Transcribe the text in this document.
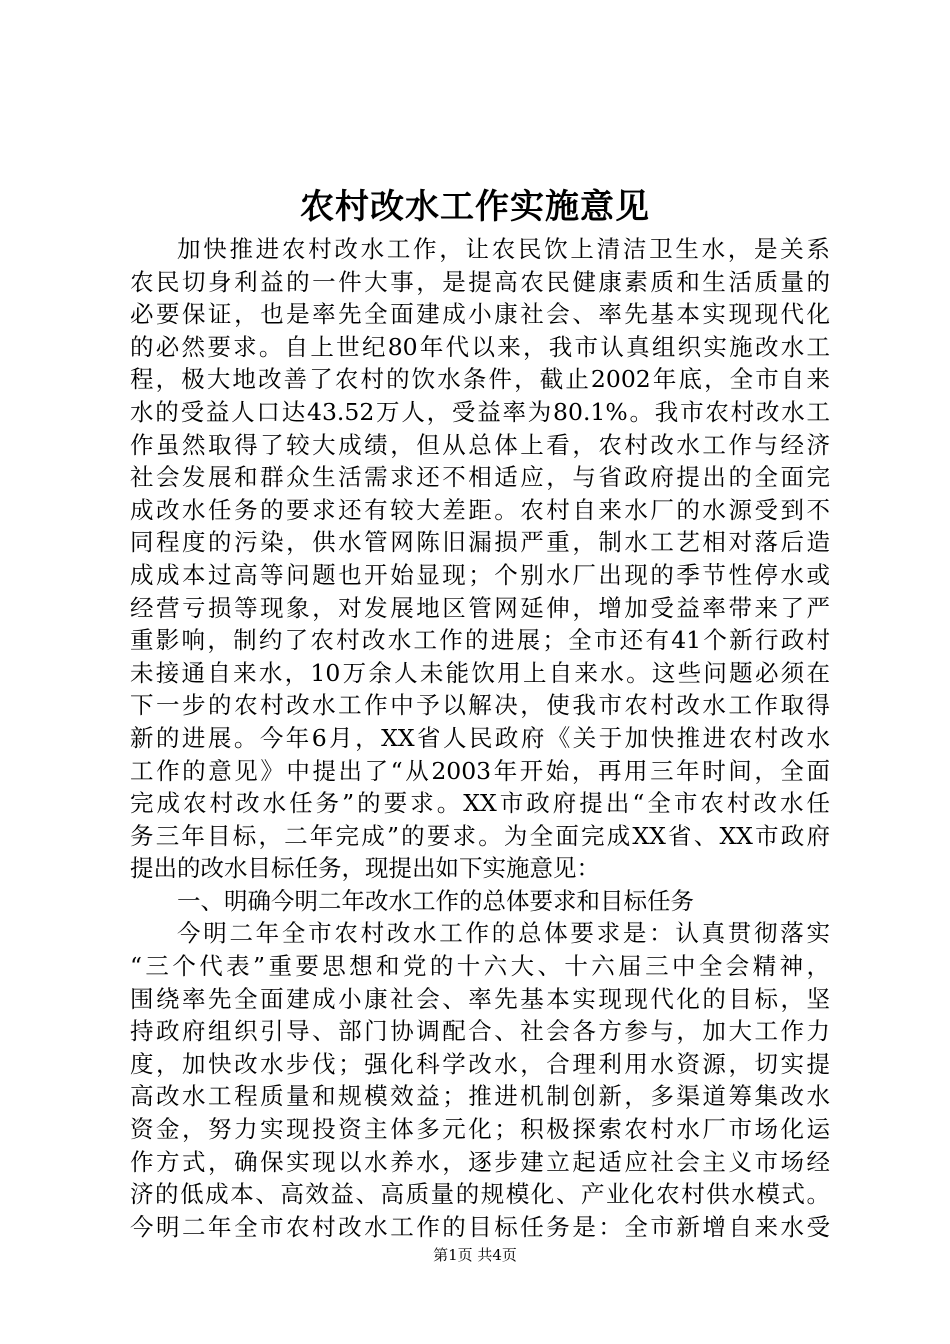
农村改水工作实施意见
加快推进农村改水工作，让农民饮上清洁卫生水，是关系
农民切身利益的一件大事，是提高农民健康素质和生活质量的
必要保证，也是率先全面建成小康社会、率先基本实现现代化
的必然要求。自上世纪80年代以来，我市认真组织实施改水工
程，极大地改善了农村的饮水条件，截止2002年底，全市自来
水的受益人口达43.52万人，受益率为80.1%。我市农村改水工
作虽然取得了较大成绩，但从总体上看，农村改水工作与经济
社会发展和群众生活需求还不相适应，与省政府提出的全面完
成改水任务的要求还有较大差距。农村自来水厂的水源受到不
同程度的污染，供水管网陈旧漏损严重，制水工艺相对落后造
成成本过高等问题也开始显现；个别水厂出现的季节性停水或
经营亏损等现象，对发展地区管网延伸，增加受益率带来了严
重影响，制约了农村改水工作的进展；全市还有41个新行政村
未接通自来水，10万余人未能饮用上自来水。这些问题必须在
下一步的农村改水工作中予以解决，使我市农村改水工作取得
新的进展。今年6月，XX省人民政府《关于加快推进农村改水
工作的意见》中提出了“从2003年开始，再用三年时间，全面
完成农村改水任务”的要求。XX市政府提出“全市农村改水任
务三年目标，二年完成”的要求。为全面完成XX省、XX市政府
提出的改水目标任务，现提出如下实施意见：
一、明确今明二年改水工作的总体要求和目标任务
今明二年全市农村改水工作的总体要求是：认真贯彻落实
“三个代表”重要思想和党的十六大、十六届三中全会精神，
围绕率先全面建成小康社会、率先基本实现现代化的目标，坚
持政府组织引导、部门协调配合、社会各方参与，加大工作力
度，加快改水步伐；强化科学改水，合理利用水资源，切实提
高改水工程质量和规模效益；推进机制创新，多渠道筹集改水
资金，努力实现投资主体多元化；积极探索农村水厂市场化运
作方式，确保实现以水养水，逐步建立起适应社会主义市场经
济的低成本、高效益、高质量的规模化、产业化农村供水模式。
今明二年全市农村改水工作的目标任务是：全市新增自来水受
第1页 共4页
